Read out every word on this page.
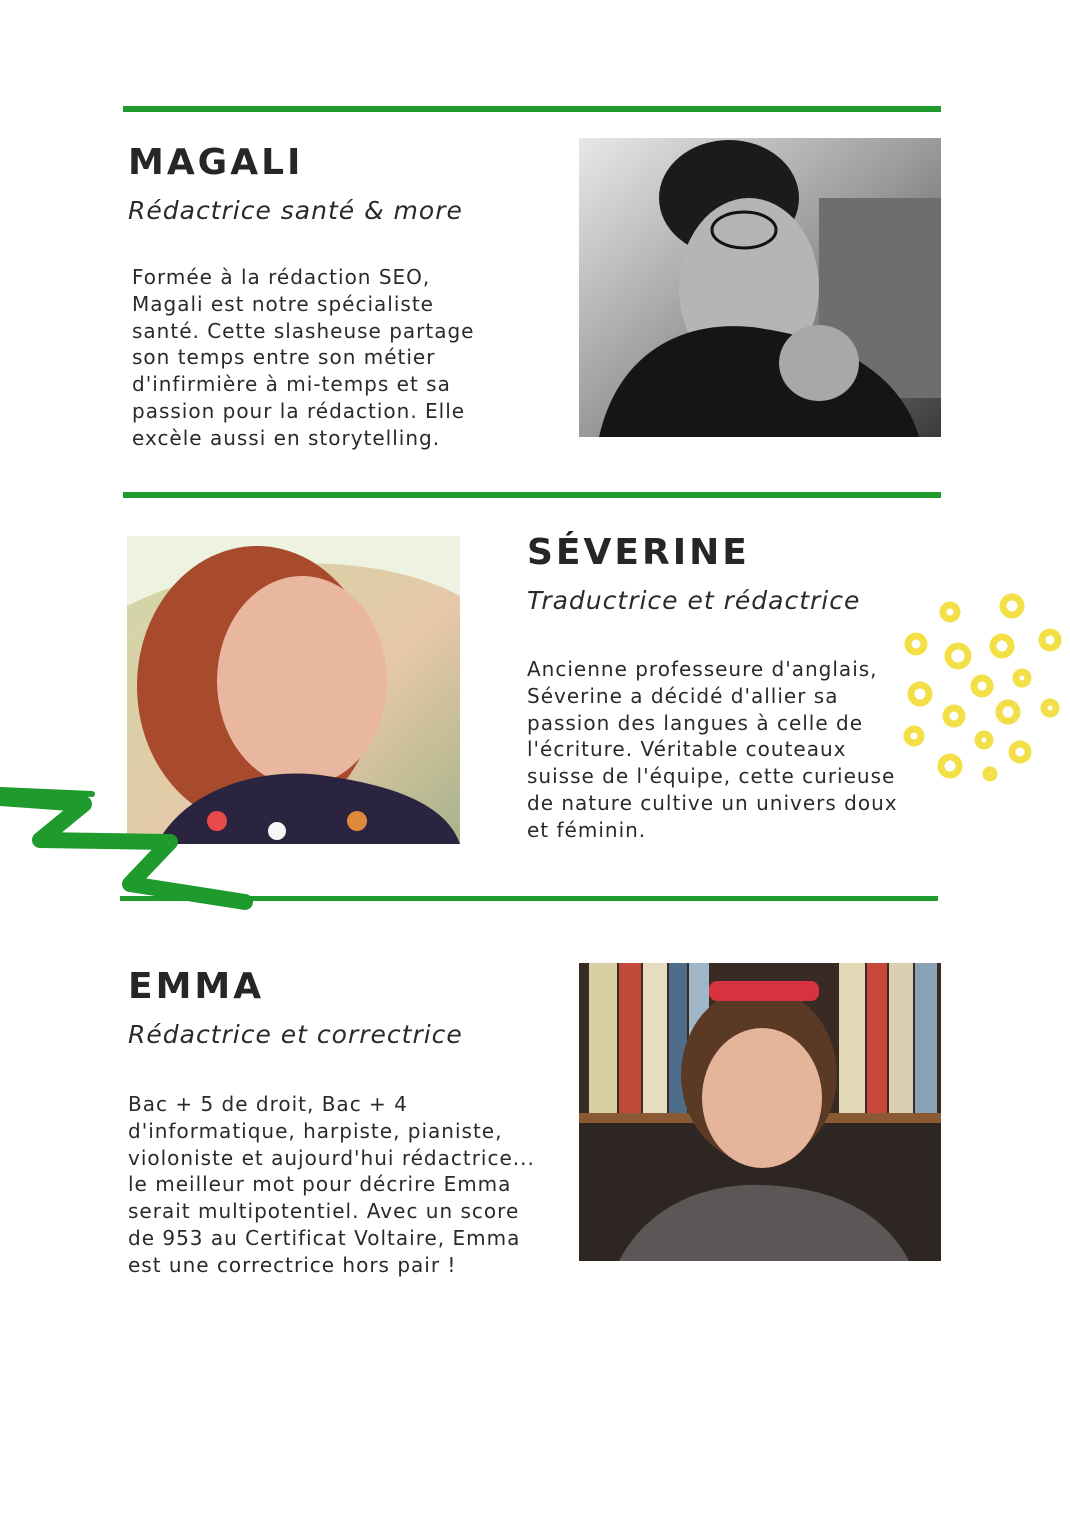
MAGALI

Rédactrice santé & more

Formée à la rédaction SEO,
Magali est notre spécialiste
santé. Cette slasheuse partage
son temps entre son métier
d'infirmière à mi-temps et sa
passion pour la rédaction. Elle
excèle aussi en storytelling.

SÉVERINE

Traductrice et rédactrice

Ancienne professeure d'anglais,
Séverine a décidé d'allier sa
passion des langues à celle de
l'écriture. Véritable couteaux
suisse de l'équipe, cette curieuse
de nature cultive un univers doux
et féminin.

EMMA

Rédactrice et correctrice

Bac + 5 de droit, Bac + 4
d'informatique, harpiste, pianiste,
violoniste et aujourd'hui rédactrice...
le meilleur mot pour décrire Emma
serait multipotentiel. Avec un score
de 953 au Certificat Voltaire, Emma
est une correctrice hors pair !
